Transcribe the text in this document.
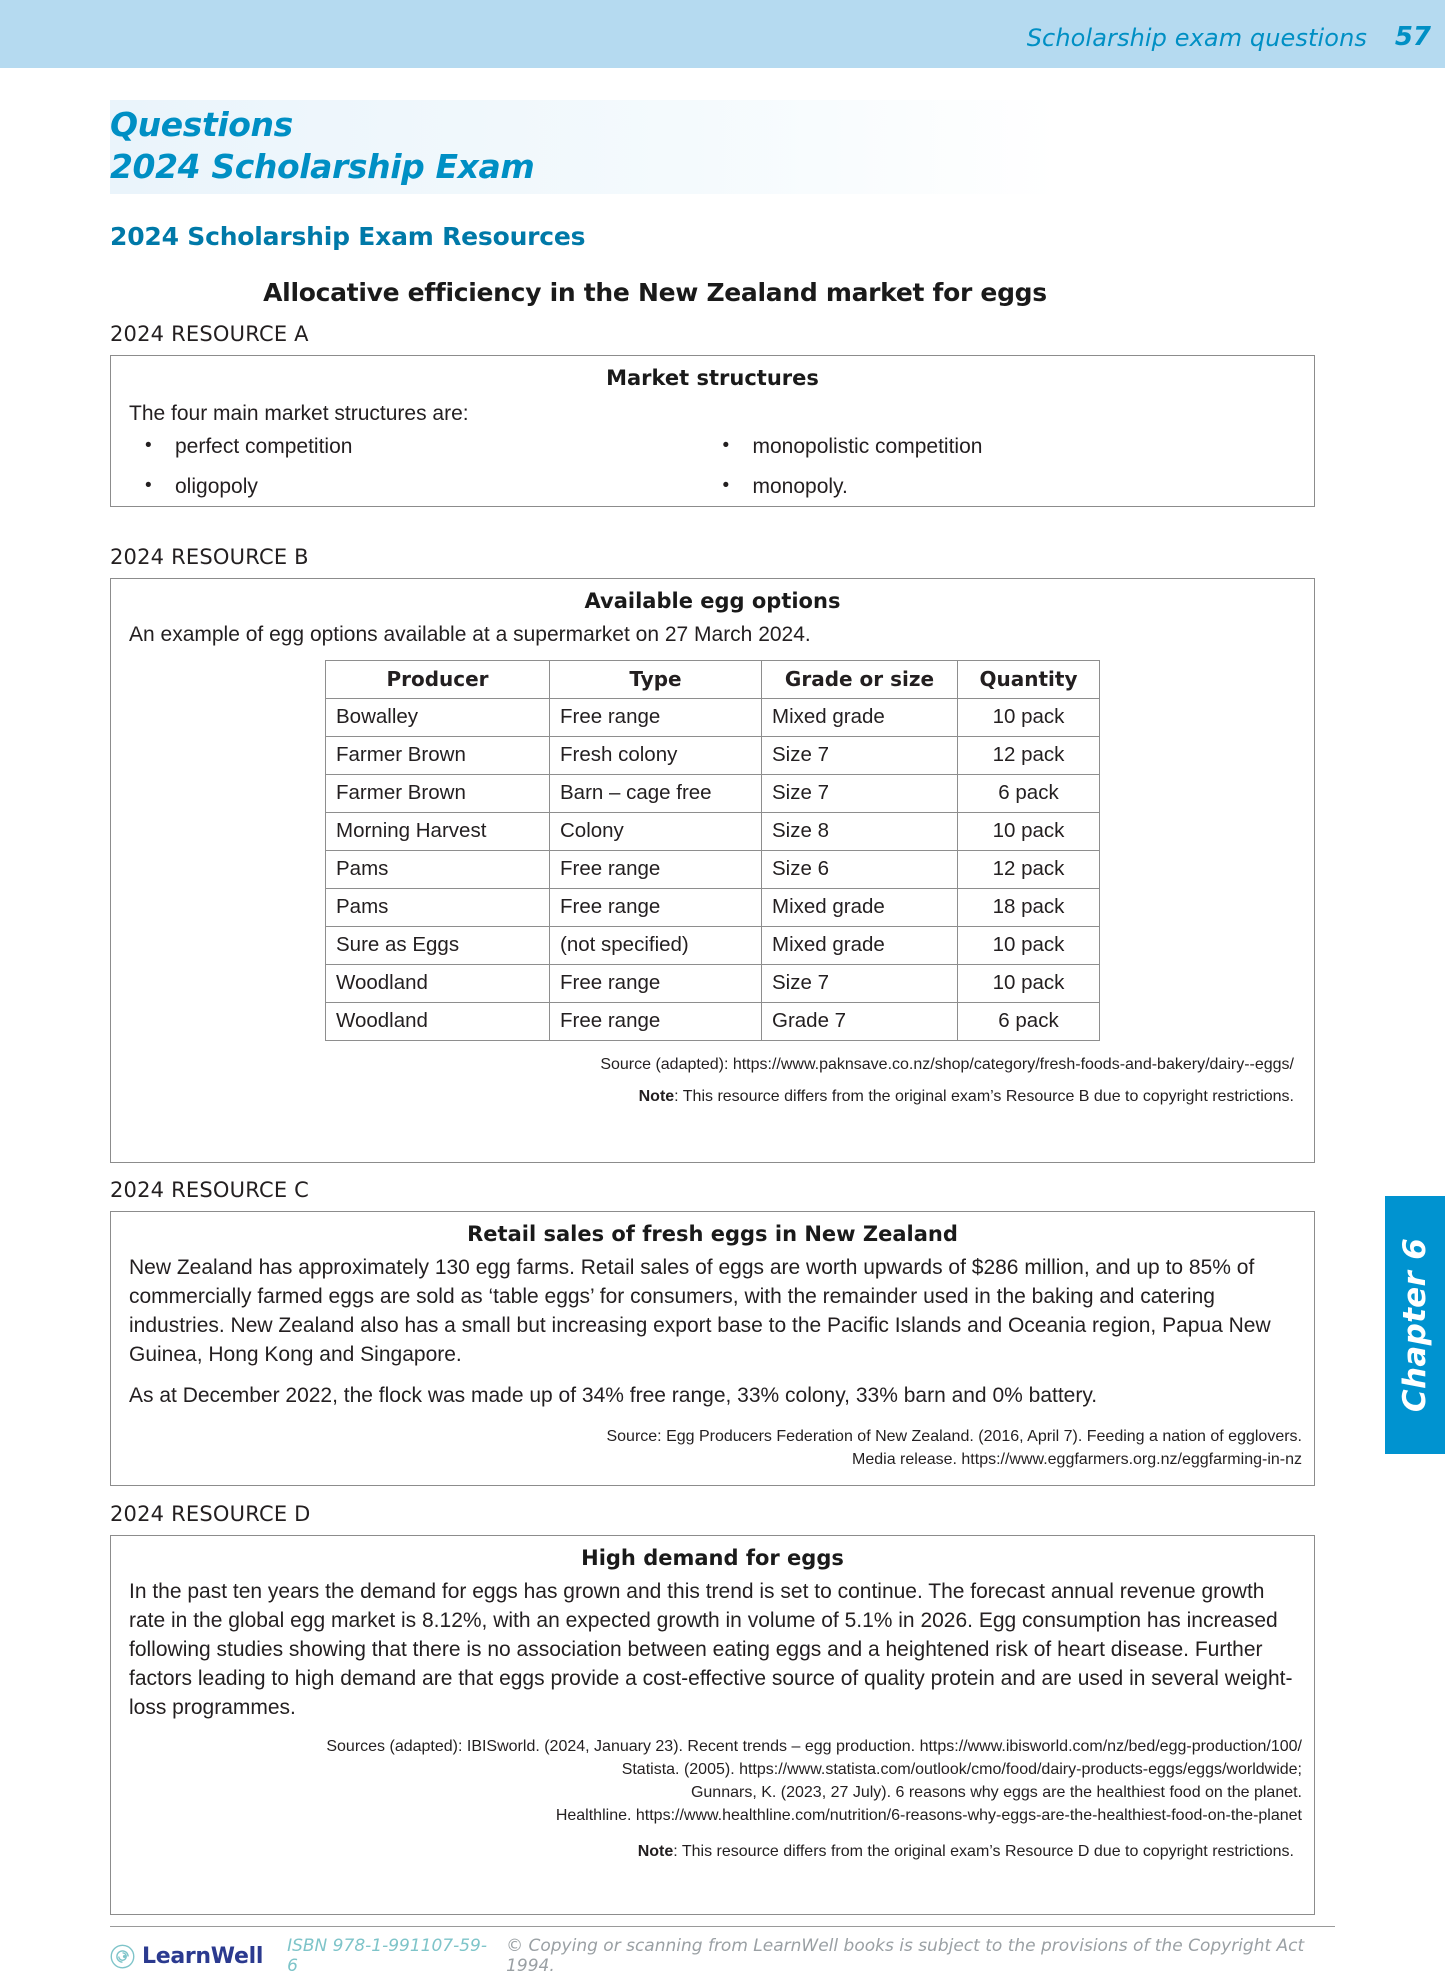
Scholarship exam questions 57
Questions
2024 Scholarship Exam
2024 Scholarship Exam Resources
Allocative efficiency in the New Zealand market for eggs
2024 RESOURCE A
Market structures
The four main market structures are:
•	perfect competition
•	oligopoly
•	monopolistic competition
•	monopoly.
2024 RESOURCE B
Available egg options
An example of egg options available at a supermarket on 27 March 2024.
Producer	Type	Grade or size	Quantity
Bowalley	Free range	Mixed grade	10 pack
Farmer Brown	Fresh colony	Size 7	12 pack
Farmer Brown	Barn – cage free	Size 7	6 pack
Morning Harvest	Colony	Size 8	10 pack
Pams	Free range	Size 6	12 pack
Pams	Free range	Mixed grade	18 pack
Sure as Eggs	(not specified)	Mixed grade	10 pack
Woodland	Free range	Size 7	10 pack
Woodland	Free range	Grade 7	6 pack
Source (adapted): https://www.paknsave.co.nz/shop/category/fresh-foods-and-bakery/dairy--eggs/
Note: This resource differs from the original exam’s Resource B due to copyright restrictions.
2024 RESOURCE C
Retail sales of fresh eggs in New Zealand

New Zealand has approximately 130 egg farms. Retail sales of eggs are worth upwards of $286 million, and up to 85% of commercially farmed eggs are sold as ‘table eggs’ for consumers, with the remainder used in the baking and catering industries. New Zealand also has a small but increasing export base to the Pacific Islands and Oceania region, Papua New Guinea, Hong Kong and Singapore.

As at December 2022, the flock was made up of 34% free range, 33% colony, 33% barn and 0% battery.

Source: Egg Producers Federation of New Zealand. (2016, April 7). Feeding a nation of egglovers.
Media release. https://www.eggfarmers.org.nz/eggfarming-in-nz
2024 RESOURCE D
High demand for eggs

In the past ten years the demand for eggs has grown and this trend is set to continue. The forecast annual revenue growth rate in the global egg market is 8.12%, with an expected growth in volume of 5.1% in 2026. Egg consumption has increased following studies showing that there is no association between eating eggs and a heightened risk of heart disease. Further factors leading to high demand are that eggs provide a cost-effective source of quality protein and are used in several weight-loss programmes.

Sources (adapted): IBISworld. (2024, January 23). Recent trends – egg production. https://www.ibisworld.com/nz/bed/egg-production/100/
Statista. (2005). https://www.statista.com/outlook/cmo/food/dairy-products-eggs/eggs/worldwide;
Gunnars, K. (2023, 27 July). 6 reasons why eggs are the healthiest food on the planet.
Healthline. https://www.healthline.com/nutrition/6-reasons-why-eggs-are-the-healthiest-food-on-the-planet
Note: This resource differs from the original exam’s Resource D due to copyright restrictions.
Chapter 6
LearnWell ISBN 978-1-991107-59-6
© Copying or scanning from LearnWell books is subject to the provisions of the Copyright Act 1994.
